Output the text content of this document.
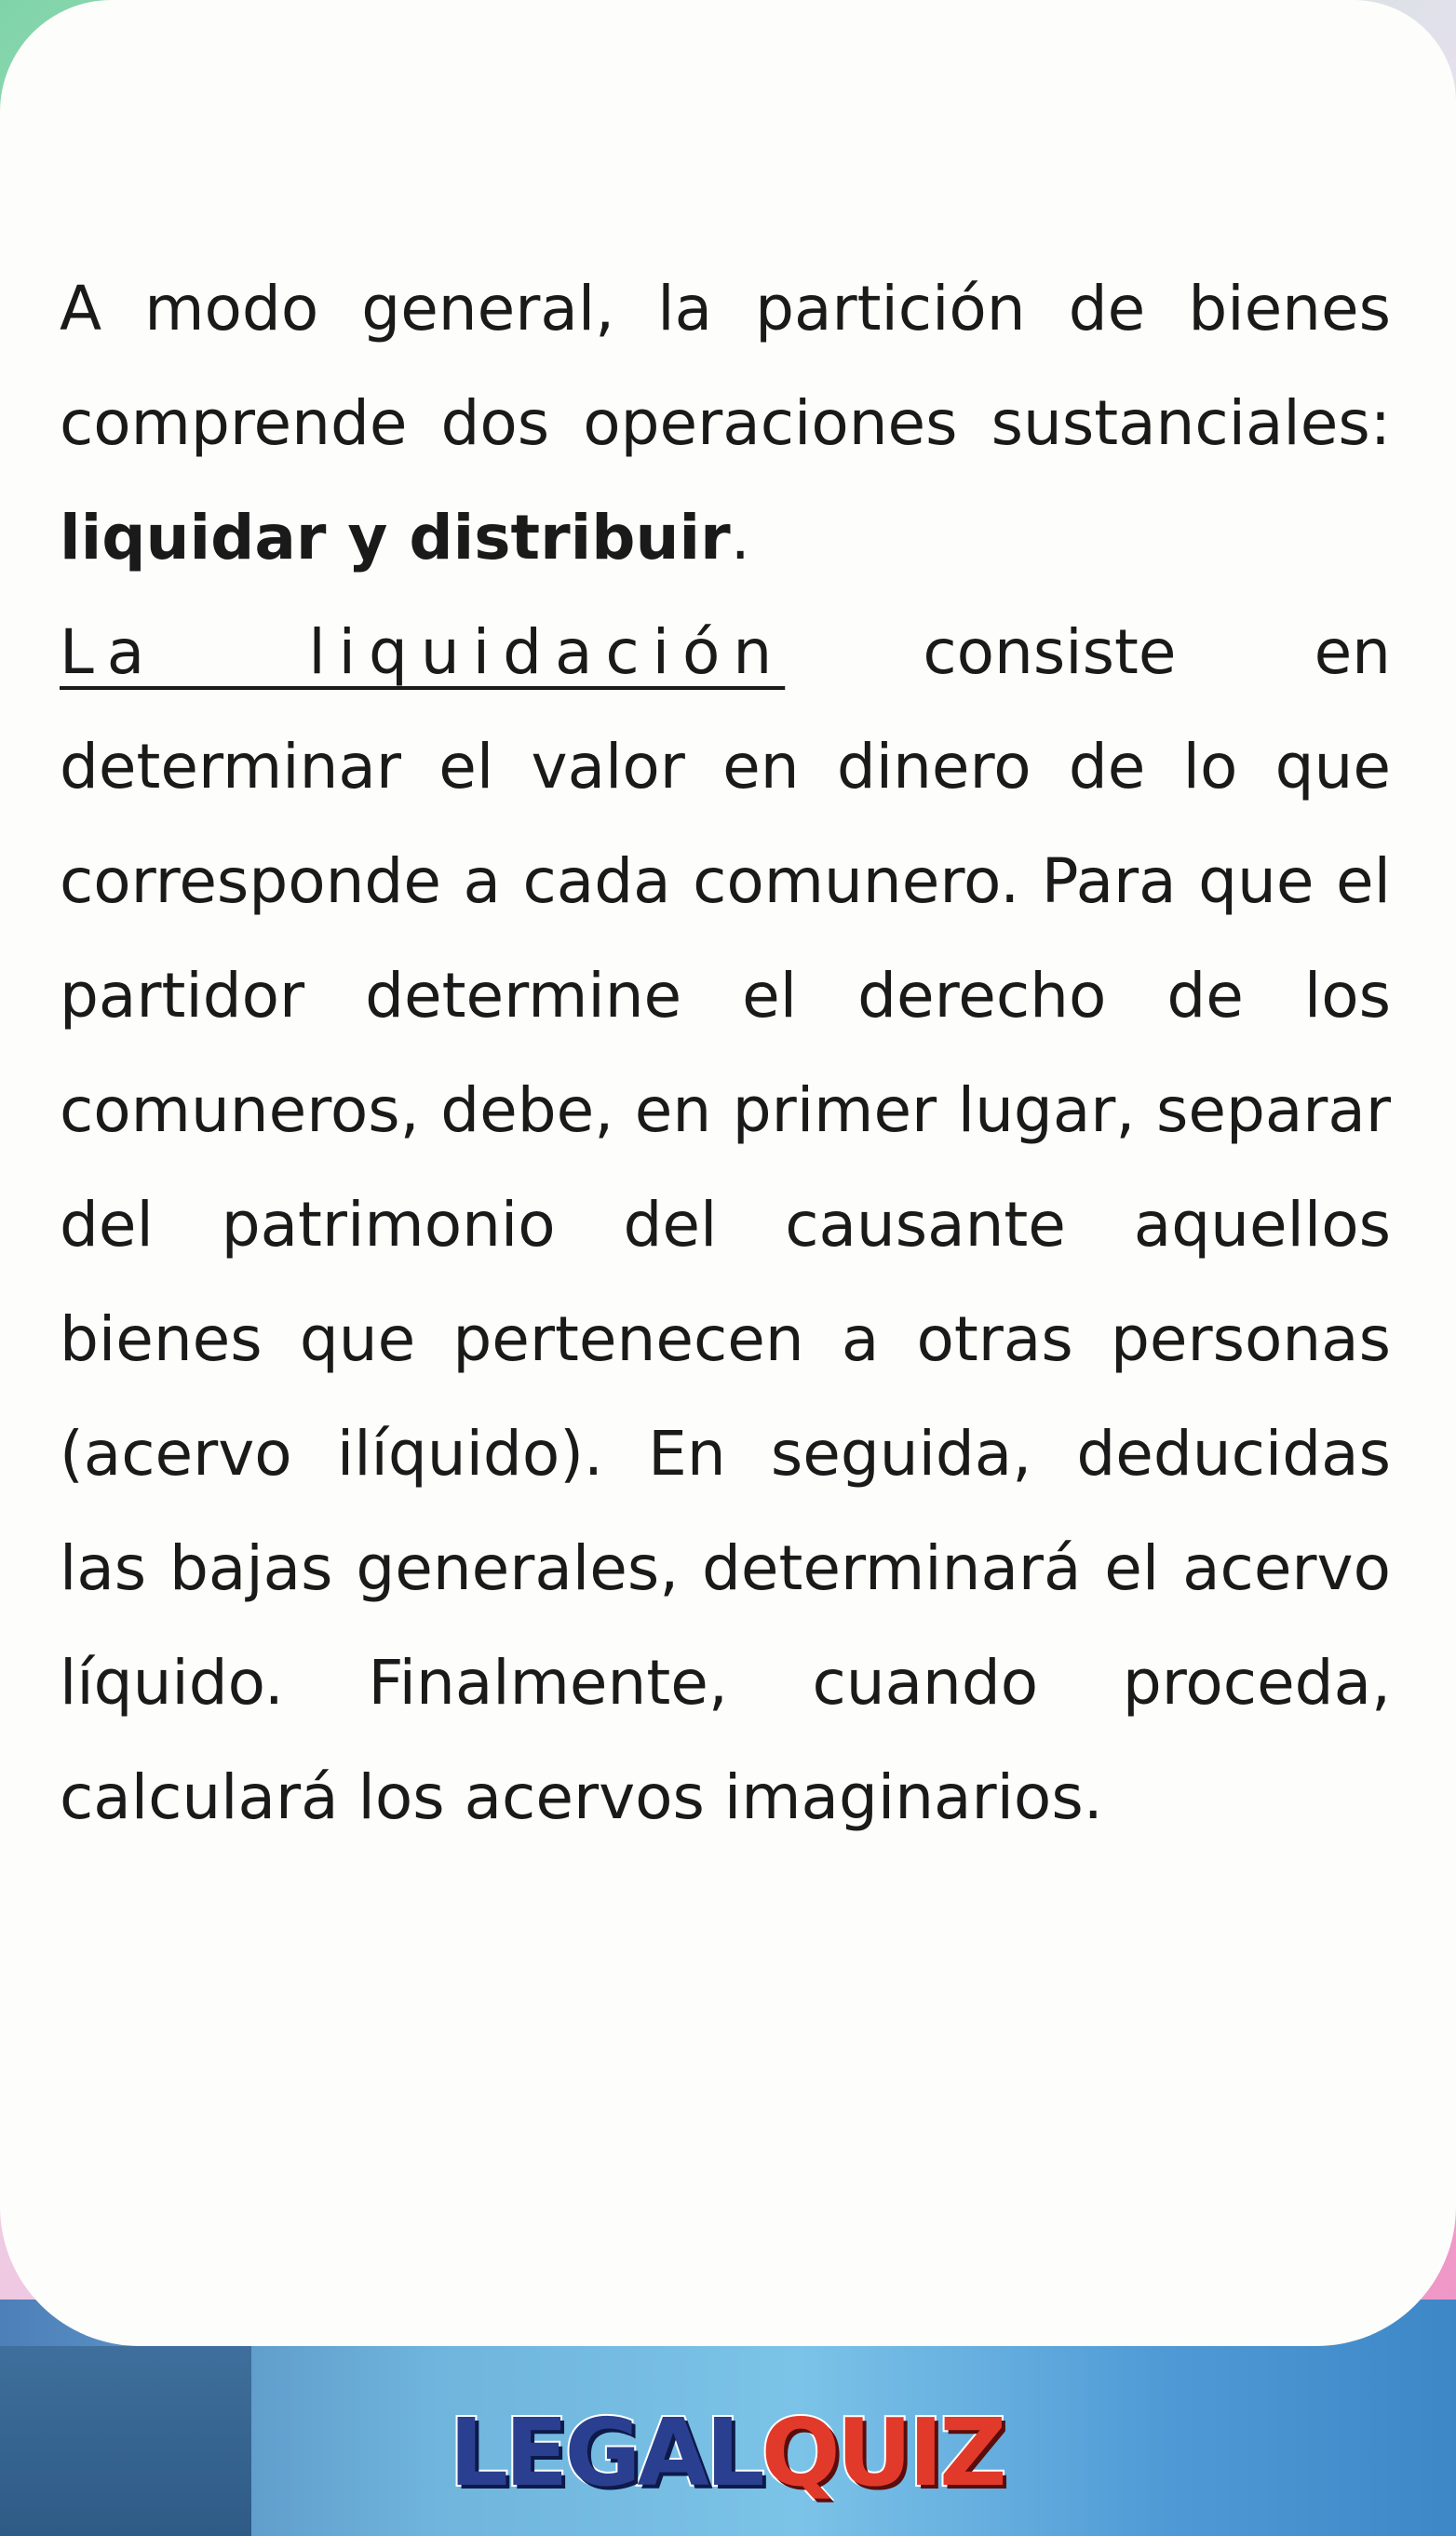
A modo general, la partición de bienes comprende dos operaciones sustanciales: liquidar y distribuir.

La liquidación consiste en determinar el valor en dinero de lo que corresponde a cada comunero. Para que el partidor determine el derecho de los comuneros, debe, en primer lugar, separar del patrimonio del causante aquellos bienes que pertenecen a otras personas (acervo ilíquido). En seguida, deducidas las bajas generales, determinará el acervo líquido. Finalmente, cuando proceda, calculará los acervos imaginarios.

LEGALQUIZ
